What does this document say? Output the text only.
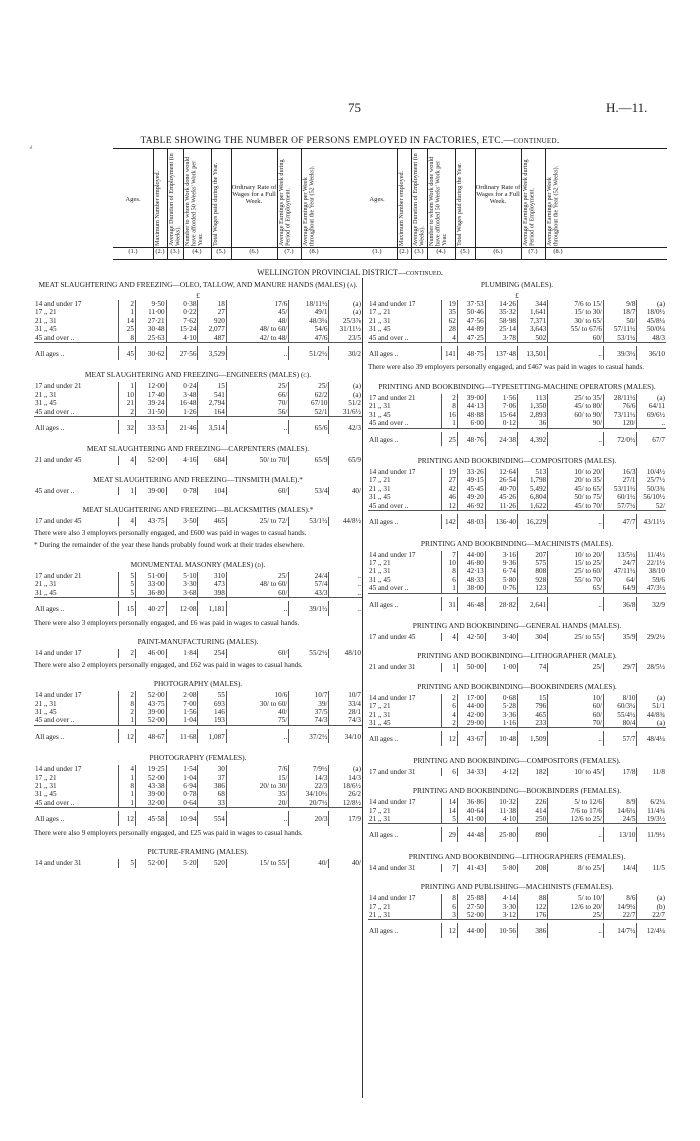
75	H.—11.
⁁	TABLE SHOWING THE NUMBER OF PERSONS EMPLOYED IN FACTORIES, ETC.—continued.
Ages.
(1.)
Maximum Number employed.
(2.)
Average Duration of Employment (in Weeks).
(3.)
Number to whom Work done would have afforded 50 Weeks' Work per Year.
(4.)
Total Wages paid during the Year.
(5.)
Ordinary Rate of Wages for a Full Week.
(6.)
Average Earnings per Week during Period of Employment.
(7.)
Average Earnings per Week throughout the Year (52 Weeks).
(8.)
Ages.
(1.)
Maximum Number employed.
(2.)
Average Duration of Employment (in Weeks).
(3.)
Number to whom Work done would have afforded 50 Weeks' Work per Year.
(4.)
Total Wages paid during the Year.
(5.)
Ordinary Rate of Wages for a Full Week.
(6.)
Average Earnings per Week during Period of Employment.
(7.)
Average Earnings per Week throughout the Year (52 Weeks).
(8.)
WELLINGTON PROVINCIAL DISTRICT—continued.
MEAT SLAUGHTERING AND FREEZING—OLEO, TALLOW, AND MANURE HANDS (MALES) (a).
£
14 and under 17	2	9·50	0·38	18	17/6	18/11½	(a)
17 ,, 21	1	11·00	0·22	27	45/	49/1	(a)
21 ,, 31	14	27·21	7·62	920	48/	48/3¼	25/3⅞
31 ,, 45	25	30·48	15·24	2,077	48/ to 60/	54/6	31/11½
45 and over ..	8	25·63	4·10	487	42/ to 48/	47/6	23/5

All ages ..	45	30·62	27·56	3,529	..	51/2½	30/2
MEAT SLAUGHTERING AND FREEZING—ENGINEERS (MALES) (c).
17 and under 21	1	12·00	0·24	15	25/	25/	(a)
21 ,, 31	10	17·40	3·48	541	66/	62/2	(a)
31 ,, 45	21	39·24	16·48	2,794	70/	67/10	51/2
45 and over ..	2	31·50	1·26	164	56/	52/1	31/6½

All ages ..	32	33·53	21·46	3,514	..	65/6	42/3
MEAT SLAUGHTERING AND FREEZING—CARPENTERS (MALES).
21 and under 45	4	52·00	4·16	684	50/ to 70/	65/9	65/9
MEAT SLAUGHTERING AND FREEZING—TINSMITH (MALE).*
45 and over ..	1	39·00	0·78	104	60/	53/4	40/
MEAT SLAUGHTERING AND FREEZING—BLACKSMITHS (MALES).*
17 and under 45	4	43·75	3·50	465	25/ to 72/	53/1½	44/8½
There were also 3 employers personally engaged, and £600 was paid in wages to casual hands.
* During the remainder of the year these hands probably found work at their trades elsewhere.
MONUMENTAL MASONRY (MALES) (d).
17 and under 21	5	51·00	5·10	310	25/	24/4	..
21 ,, 31	5	33·00	3·30	473	48/ to 60/	57/4	..
31 ,, 45	5	36·80	3·68	398	60/	43/3	..

All ages ..	15	40·27	12·08	1,181	..	39/1½	..
There were also 3 employers personally engaged, and £6 was paid in wages to casual hands.
PAINT-MANUFACTURING (MALES).
14 and under 17	2	46·00	1·84	254	60/	55/2½	48/10
There were also 2 employers personally engaged, and £62 was paid in wages to casual hands.
PHOTOGRAPHY (MALES).
14 and under 17	2	52·00	2·08	55	10/6	10/7	10/7
21 ,, 31	8	43·75	7·00	693	30/ to 60/	39/	33/4
31 ,, 45	2	39·00	1·56	146	40/	37/5	28/1
45 and over ..	1	52·00	1·04	193	75/	74/3	74/3

All ages ..	12	48·67	11·68	1,087	..	37/2½	34/10
PHOTOGRAPHY (FEMALES).
14 and under 17	4	19·25	1·54	30	7/6	7/9½	(a)
17 ,, 21	1	52·00	1·04	37	15/	14/3	14/3
21 ,, 31	8	43·38	6·94	386	20/ to 30/	22/3	18/6½
31 ,, 45	1	39·00	0·78	68	35/	34/10½	26/2
45 and over ..	1	32·00	0·64	33	20/	20/7½	12/8½

All ages ..	12	45·58	10·94	554	..	20/3	17/9
There were also 9 employers personally engaged, and £25 was paid in wages to casual hands.
PICTURE-FRAMING (MALES).
14 and under 31	5	52·00	5·20	520	15/ to 55/	40/	40/
PLUMBING (MALES).
£
14 and under 17	19	37·53	14·26	344	7/6 to 15/	9/8	(a)
17 ,, 21	35	50·46	35·32	1,641	15/ to 30/	18/7	18/0½
21 ,, 31	62	47·56	58·98	7,371	30/ to 65/	50/	45/8¼
31 ,, 45	28	44·89	25·14	3,643	55/ to 67/6	57/11½	50/0¼
45 and over ..	4	47·25	3·78	502	60/	53/1½	48/3

All ages ..	141	48·75	137·48	13,501	..	39/3½	36/10
There were also 39 employers personally engaged, and £467 was paid in wages to casual hands.
PRINTING AND BOOKBINDING—TYPESETTING-MACHINE OPERATORS (MALES).
17 and under 21	2	39·00	1·56	113	25/ to 35/	28/11½	(a)
21 ,, 31	8	44·13	7·06	1,350	45/ to 80/	76/6	64/11
31 ,, 45	16	48·88	15·64	2,893	60/ to 90/	73/11½	69/6½
45 and over ..	1	6·00	0·12	36	90/	120/	..

All ages ..	25	48·76	24·38	4,392	..	72/0½	67/7
PRINTING AND BOOKBINDING—COMPOSITORS (MALES).
14 and under 17	19	33·26	12·64	513	10/ to 20/	16/3	10/4½
17 ,, 21	27	49·15	26·54	1,798	20/ to 35/	27/1	25/7½
21 ,, 31	42	45·45	40·70	5,492	45/ to 65/	53/11½	50/3¾
31 ,, 45	46	49·20	45·26	6,804	50/ to 75/	60/1½	56/10½
45 and over ..	12	46·92	11·26	1,622	45/ to 70/	57/7½	52/

All ages ..	142	48·03	136·40	16,229	..	47/7	43/11½
PRINTING AND BOOKBINDING—MACHINISTS (MALES).
14 and under 17	7	44·00	3·16	207	10/ to 20/	13/5½	11/4½
17 ,, 21	10	46·80	9·36	575	15/ to 25/	24/7	22/1½
21 ,, 31	8	42·13	6·74	808	25/ to 60/	47/11½	38/10
31 ,, 45	6	48·33	5·80	928	55/ to 70/	64/	59/6
45 and over ..	1	38·00	0·76	123	65/	64/9	47/3½

All ages ..	31	46·48	28·82	2,641	..	36/8	32/9
PRINTING AND BOOKBINDING—GENERAL HANDS (MALES).
17 and under 45	4	42·50	3·40	304	25/ to 55/	35/9	29/2½
PRINTING AND BOOKBINDING—LITHOGRAPHER (MALE).
21 and under 31	1	50·00	1·00	74	25/	29/7	28/5½
PRINTING AND BOOKBINDING—BOOKBINDERS (MALES).
14 and under 17	2	17·00	0·68	15	10/	8/10	(a)
17 ,, 21	6	44·00	5·28	796	60/	60/3¼	51/1
21 ,, 31	4	42·00	3·36	465	60/	55/4½	44/8¾
31 ,, 45	2	29·00	1·16	233	70/	80/4	(a)

All ages ..	12	43·67	10·48	1,509	..	57/7	48/4¼
PRINTING AND BOOKBINDING—COMPOSITORS (FEMALES).
17 and under 31	6	34·33	4·12	182	10/ to 45/	17/8	11/8
PRINTING AND BOOKBINDING—BOOKBINDERS (FEMALES).
14 and under 17	14	36·86	10·32	226	5/ to 12/6	8/9	6/2¼
17 ,, 21	14	40·64	11·38	414	7/6 to 17/6	14/6½	11/4¾
21 ,, 31	5	41·00	4·10	250	12/6 to 25/	24/5	19/3½

All ages ..	29	44·48	25·80	890	..	13/10	11/9½
PRINTING AND BOOKBINDING—LITHOGRAPHERS (FEMALES).
14 and under 31	7	41·43	5·80	208	8/ to 25/	14/4	11/5
PRINTING AND PUBLISHING—MACHINISTS (FEMALES).
14 and under 17	8	25·88	4·14	88	5/ to 10/	8/6	(a)
17 ,, 21	6	27·50	3·30	122	12/6 to 20/	14/9¼	(b)
21 ,, 31	3	52·00	3·12	176	25/	22/7	22/7

All ages ..	12	44·00	10·56	386	..	14/7½	12/4¼
